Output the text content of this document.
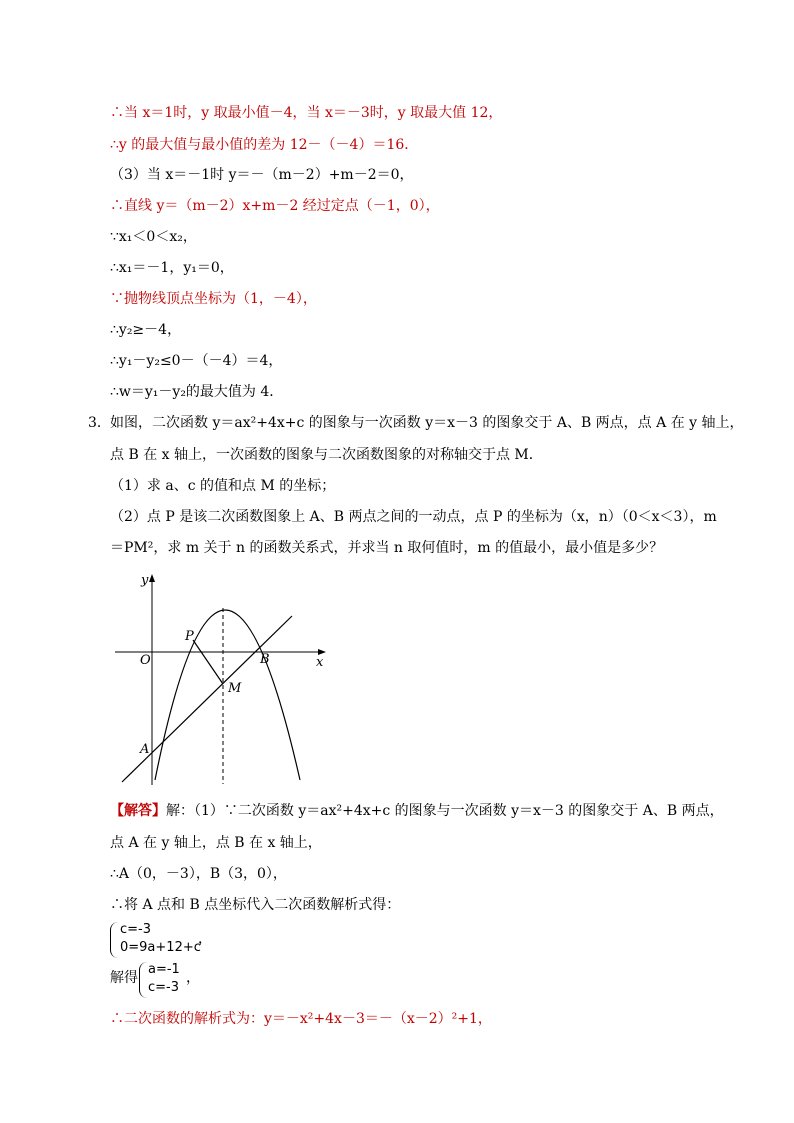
∴当 x＝1时，y 取最小值－4，当 x＝－3时，y 取最大值 12，
∴y 的最大值与最小值的差为 12－（－4）＝16．
（3）当 x＝－1时 y＝－（m－2）+m－2＝0，
∴直线 y＝（m－2）x+m－2 经过定点（－1，0），
∵x₁＜0＜x₂，
∴x₁＝－1，y₁＝0，
∵抛物线顶点坐标为（1，－4），
∴y₂≥－4，
∴y₁－y₂≤0－（－4）＝4，
∴w＝y₁－y₂的最大值为 4．
3． 如图，二次函数 y＝ax²+4x+c 的图象与一次函数 y＝x－3 的图象交于 A、B 两点，点 A 在 y 轴上，
点 B 在 x 轴上，一次函数的图象与二次函数图象的对称轴交于点 M．
（1）求 a、c 的值和点 M 的坐标；
（2）点 P 是该二次函数图象上 A、B 两点之间的一动点，点 P 的坐标为（x，n）（0＜x＜3），m
＝PM²，求 m 关于 n 的函数关系式，并求当 n 取何值时，m 的值最小，最小值是多少？
y
x
O
P
B
M
A
【解答】解：（1）∵二次函数 y＝ax²+4x+c 的图象与一次函数 y＝x－3 的图象交于 A、B 两点，
点 A 在 y 轴上，点 B 在 x 轴上，
∴A（0，－3），B（3，0），
∴将 A 点和 B 点坐标代入二次函数解析式得：
c=-3
0=9a+12+c
，
解得
a=-1
c=-3
，
∴二次函数的解析式为：y＝－x²+4x－3＝－（x－2）²+1，
